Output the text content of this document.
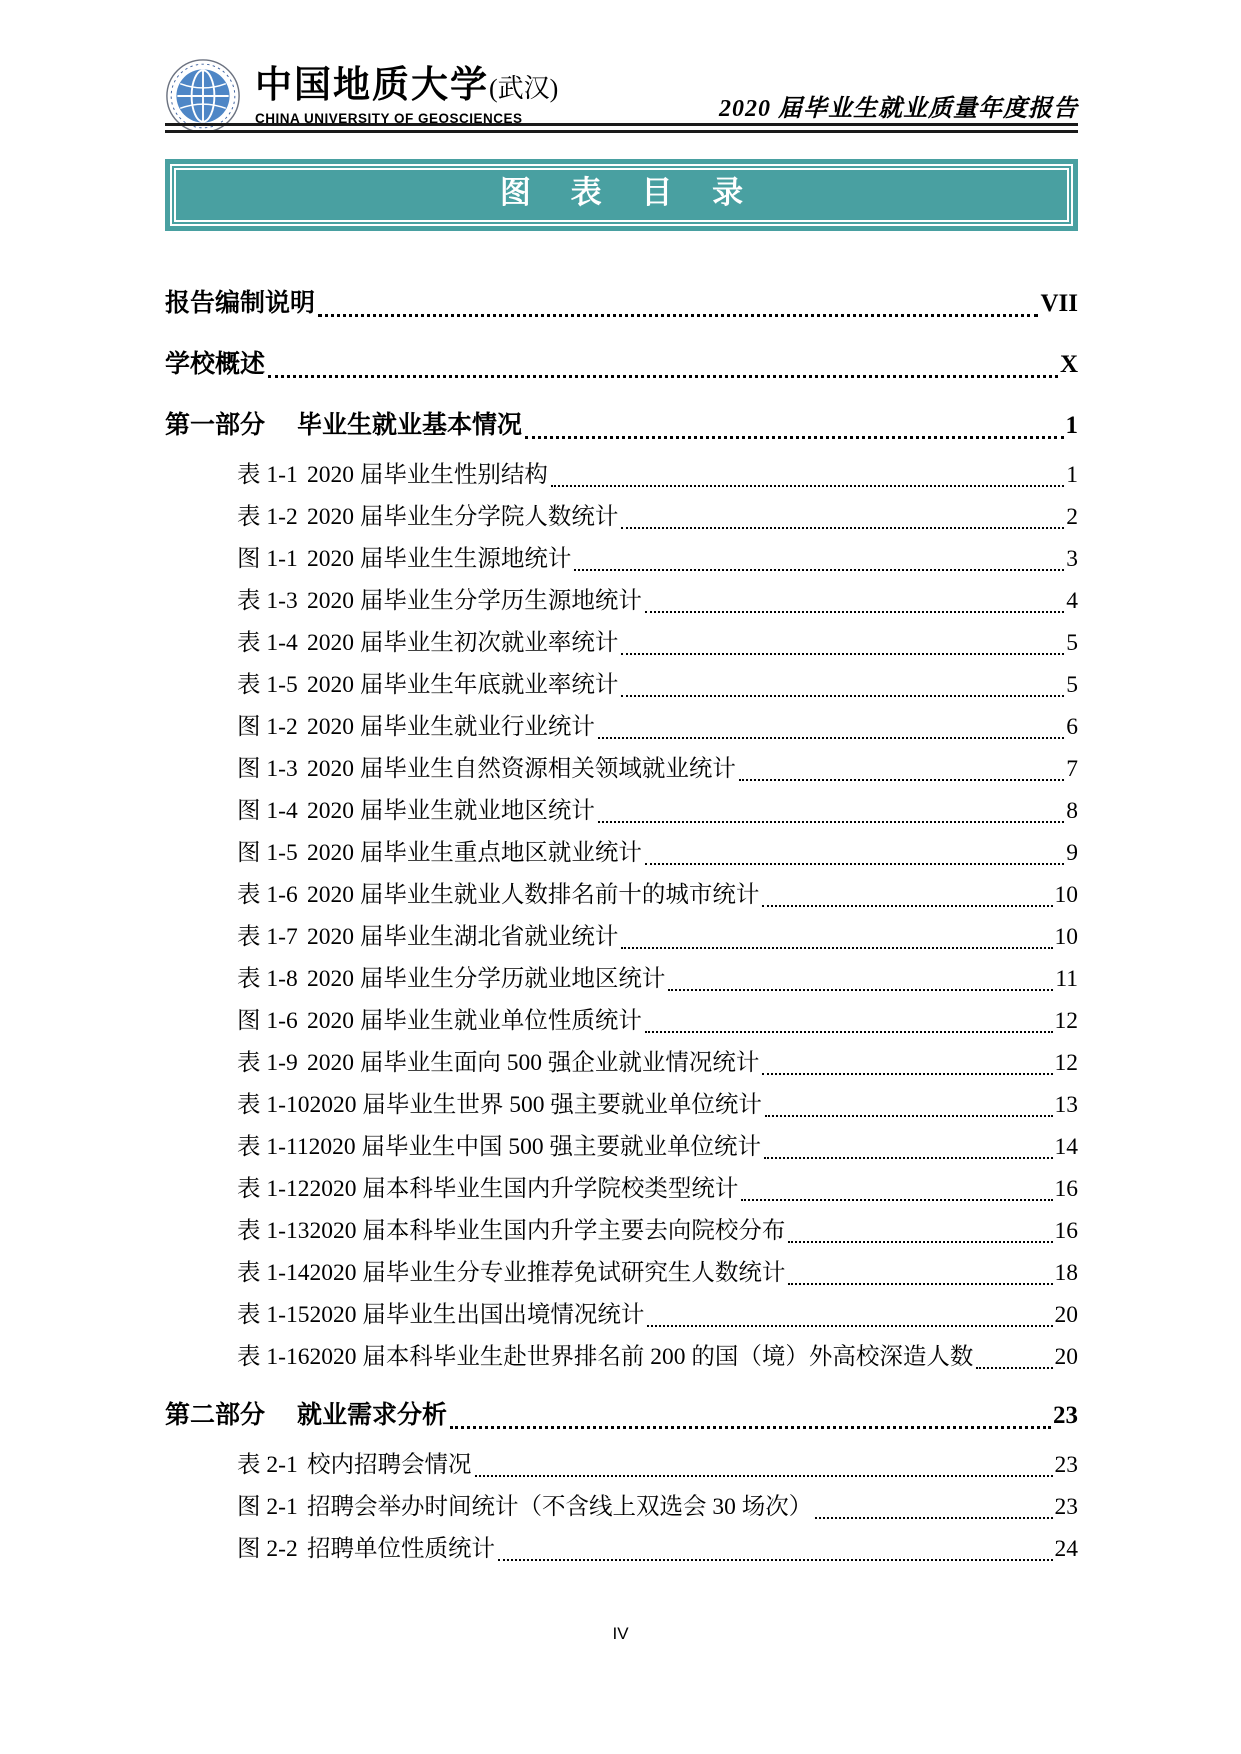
中国地质大学(武汉)
CHINA UNIVERSITY OF GEOSCIENCES	2020 届毕业生就业质量年度报告
图 表 目 录
报告编制说明	VII
学校概述	X
第一部分 毕业生就业基本情况	1
表 1-1 2020 届毕业生性别结构	1
表 1-2 2020 届毕业生分学院人数统计	2
图 1-1 2020 届毕业生生源地统计	3
表 1-3 2020 届毕业生分学历生源地统计	4
表 1-4 2020 届毕业生初次就业率统计	5
表 1-5 2020 届毕业生年底就业率统计	5
图 1-2 2020 届毕业生就业行业统计	6
图 1-3 2020 届毕业生自然资源相关领域就业统计	7
图 1-4 2020 届毕业生就业地区统计	8
图 1-5 2020 届毕业生重点地区就业统计	9
表 1-6 2020 届毕业生就业人数排名前十的城市统计	10
表 1-7 2020 届毕业生湖北省就业统计	10
表 1-8 2020 届毕业生分学历就业地区统计	11
图 1-6 2020 届毕业生就业单位性质统计	12
表 1-9 2020 届毕业生面向 500 强企业就业情况统计	12
表 1-10 2020 届毕业生世界 500 强主要就业单位统计	13
表 1-11 2020 届毕业生中国 500 强主要就业单位统计	14
表 1-12 2020 届本科毕业生国内升学院校类型统计	16
表 1-13 2020 届本科毕业生国内升学主要去向院校分布	16
表 1-14 2020 届毕业生分专业推荐免试研究生人数统计	18
表 1-15 2020 届毕业生出国出境情况统计	20
表 1-16 2020 届本科毕业生赴世界排名前 200 的国（境）外高校深造人数	20
第二部分 就业需求分析	23
表 2-1 校内招聘会情况	23
图 2-1 招聘会举办时间统计（不含线上双选会 30 场次）	23
图 2-2 招聘单位性质统计	24
IV
